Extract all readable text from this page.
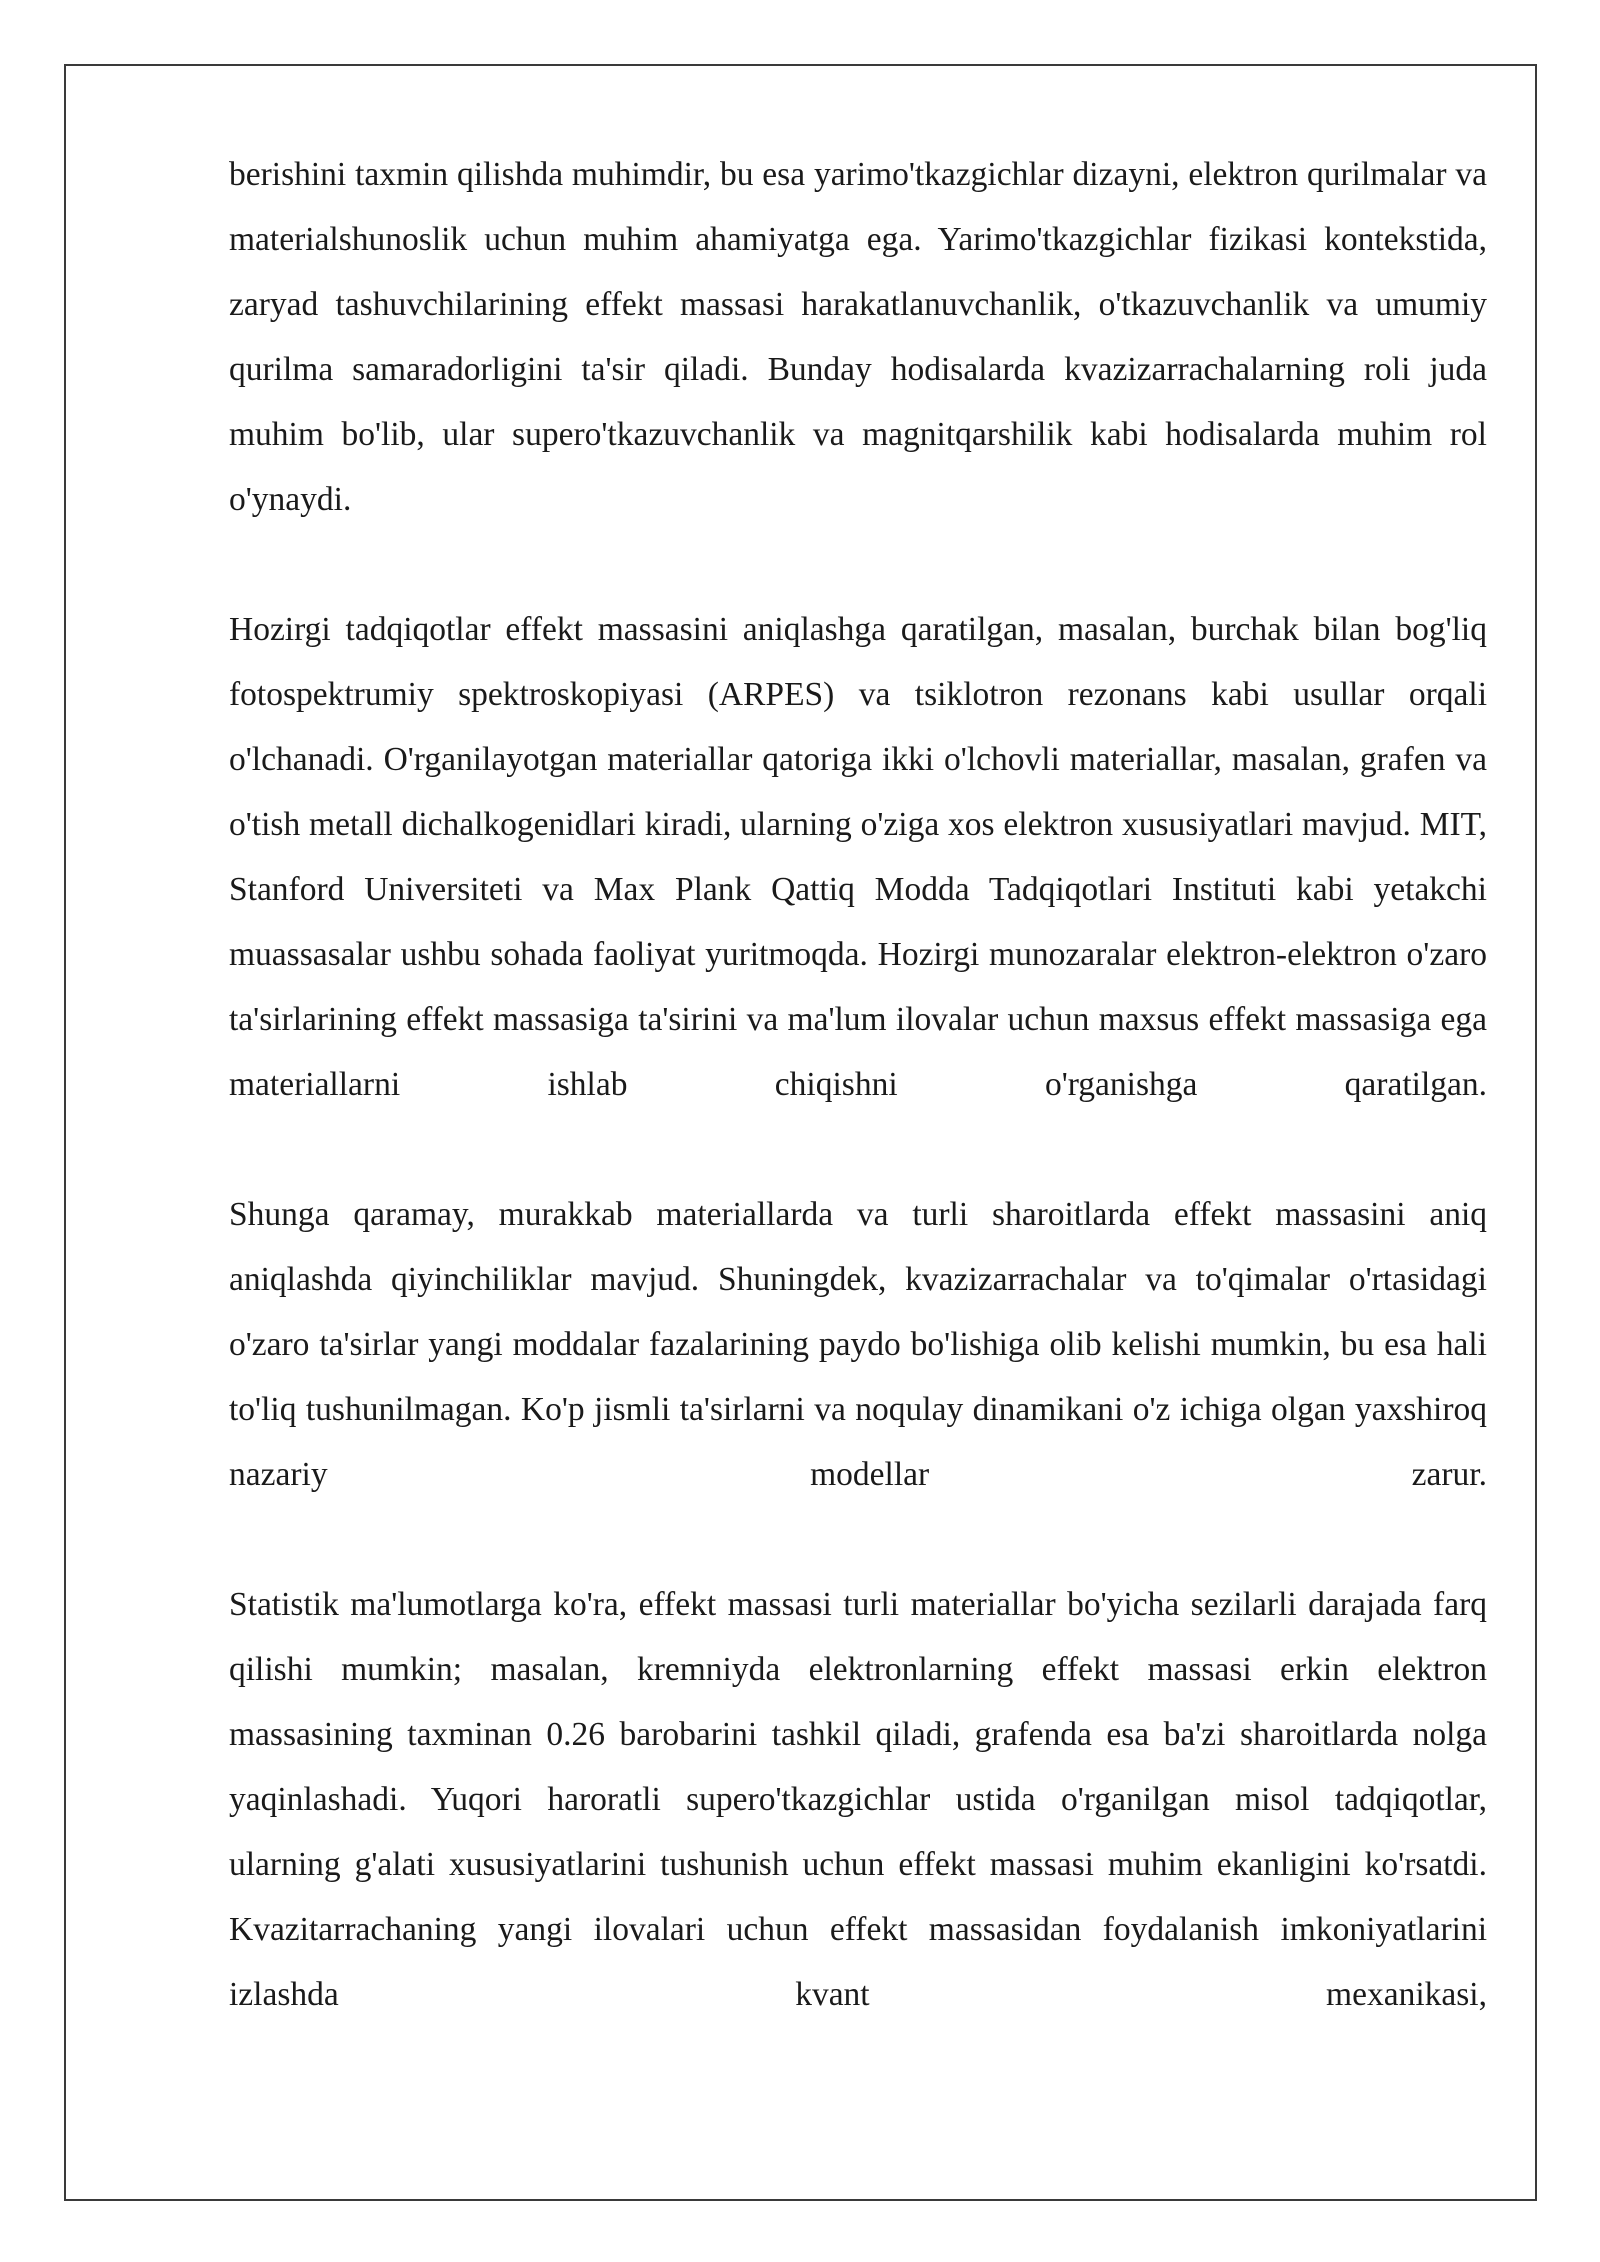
berishini taxmin qilishda muhimdir, bu esa yarimo'tkazgichlar dizayni, elektron qurilmalar va materialshunoslik uchun muhim ahamiyatga ega. Yarimo'tkazgichlar fizikasi kontekstida, zaryad tashuvchilarining effekt massasi harakatlanuvchanlik, o'tkazuvchanlik va umumiy qurilma samaradorligini ta'sir qiladi. Bunday hodisalarda kvazizarrachalarning roli juda muhim bo'lib, ular supero'tkazuvchanlik va magnitqarshilik kabi hodisalarda muhim rol o'ynaydi.

Hozirgi tadqiqotlar effekt massasini aniqlashga qaratilgan, masalan, burchak bilan bog'liq fotospektrumiy spektroskopiyasi (ARPES) va tsiklotron rezonans kabi usullar orqali o'lchanadi. O'rganilayotgan materiallar qatoriga ikki o'lchovli materiallar, masalan, grafen va o'tish metall dichalkogenidlari kiradi, ularning o'ziga xos elektron xususiyatlari mavjud. MIT, Stanford Universiteti va Max Plank Qattiq Modda Tadqiqotlari Instituti kabi yetakchi muassasalar ushbu sohada faoliyat yuritmoqda. Hozirgi munozaralar elektron-elektron o'zaro ta'sirlarining effekt massasiga ta'sirini va ma'lum ilovalar uchun maxsus effekt massasiga ega materiallarni ishlab chiqishni o'rganishga qaratilgan.

Shunga qaramay, murakkab materiallarda va turli sharoitlarda effekt massasini aniq aniqlashda qiyinchiliklar mavjud. Shuningdek, kvazizarrachalar va to'qimalar o'rtasidagi o'zaro ta'sirlar yangi moddalar fazalarining paydo bo'lishiga olib kelishi mumkin, bu esa hali to'liq tushunilmagan. Ko'p jismli ta'sirlarni va noqulay dinamikani o'z ichiga olgan yaxshiroq nazariy modellar zarur.

Statistik ma'lumotlarga ko'ra, effekt massasi turli materiallar bo'yicha sezilarli darajada farq qilishi mumkin; masalan, kremniyda elektronlarning effekt massasi erkin elektron massasining taxminan 0.26 barobarini tashkil qiladi, grafenda esa ba'zi sharoitlarda nolga yaqinlashadi. Yuqori haroratli supero'tkazgichlar ustida o'rganilgan misol tadqiqotlar, ularning g'alati xususiyatlarini tushunish uchun effekt massasi muhim ekanligini ko'rsatdi. Kvazitarrachaning yangi ilovalari uchun effekt massasidan foydalanish imkoniyatlarini izlashda kvant mexanikasi,
